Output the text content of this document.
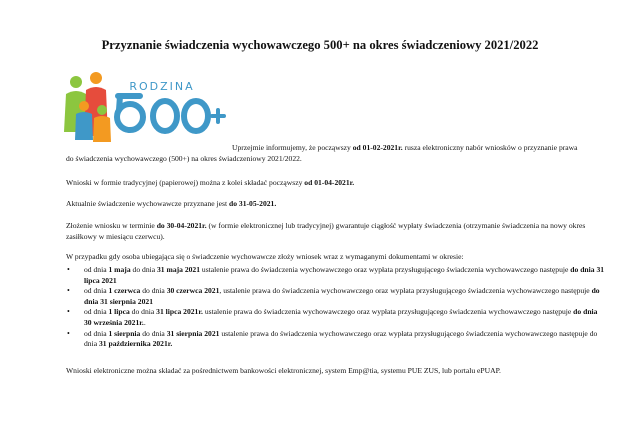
Przyznanie świadczenia wychowawczego 500+ na okres świadczeniowy 2021/2022
RODZINA

Uprzejmie informujemy, że począwszy od 01-02-2021r. rusza elektroniczny nabór wniosków o przyznanie prawa do świadczenia wychowawczego (500+) na okres świadczeniowy 2021/2022.

Wnioski w formie tradycyjnej (papierowej) można z kolei składać począwszy od 01-04-2021r.

Aktualnie świadczenie wychowawcze przyznane jest do 31-05-2021.

Złożenie wniosku w terminie do 30-04-2021r. (w formie elektronicznej lub tradycyjnej) gwarantuje ciągłość wypłaty świadczenia (otrzymanie świadczenia na nowy okres zasiłkowy w miesiącu czerwcu).

W przypadku gdy osoba ubiegająca się o świadczenie wychowawcze złoży wniosek wraz z wymaganymi dokumentami w okresie:

• od dnia 1 maja do dnia 31 maja 2021 ustalenie prawa do świadczenia wychowawczego oraz wypłata przysługującego świadczenia wychowawczego następuje do dnia 31 lipca 2021
• od dnia 1 czerwca do dnia 30 czerwca 2021, ustalenie prawa do świadczenia wychowawczego oraz wypłata przysługującego świadczenia wychowawczego następuje do dnia 31 sierpnia 2021
• od dnia 1 lipca do dnia 31 lipca 2021r. ustalenie prawa do świadczenia wychowawczego oraz wypłata przysługującego świadczenia wychowawczego następuje do dnia 30 września 2021r..
• od dnia 1 sierpnia do dnia 31 sierpnia 2021 ustalenie prawa do świadczenia wychowawczego oraz wypłata przysługującego świadczenia wychowawczego następuje do dnia 31 października 2021r.

Wnioski elektroniczne można składać za pośrednictwem bankowości elektronicznej, system Emp@tia, systemu PUE ZUS, lub portalu ePUAP.
